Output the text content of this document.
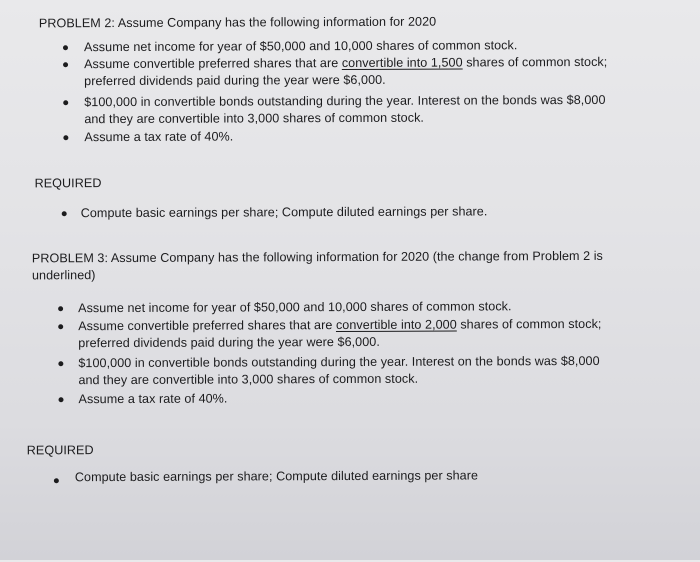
PROBLEM 2: Assume Company has the following information for 2020
Assume net income for year of $50,000 and 10,000 shares of common stock.
Assume convertible preferred shares that are convertible into 1,500 shares of common stock;
preferred dividends paid during the year were $6,000.
$100,000 in convertible bonds outstanding during the year. Interest on the bonds was $8,000
and they are convertible into 3,000 shares of common stock.
Assume a tax rate of 40%.
REQUIRED
Compute basic earnings per share; Compute diluted earnings per share.
PROBLEM 3: Assume Company has the following information for 2020 (the change from Problem 2 is
underlined)
Assume net income for year of $50,000 and 10,000 shares of common stock.
Assume convertible preferred shares that are convertible into 2,000 shares of common stock;
preferred dividends paid during the year were $6,000.
$100,000 in convertible bonds outstanding during the year. Interest on the bonds was $8,000
and they are convertible into 3,000 shares of common stock.
Assume a tax rate of 40%.
REQUIRED
Compute basic earnings per share; Compute diluted earnings per share
